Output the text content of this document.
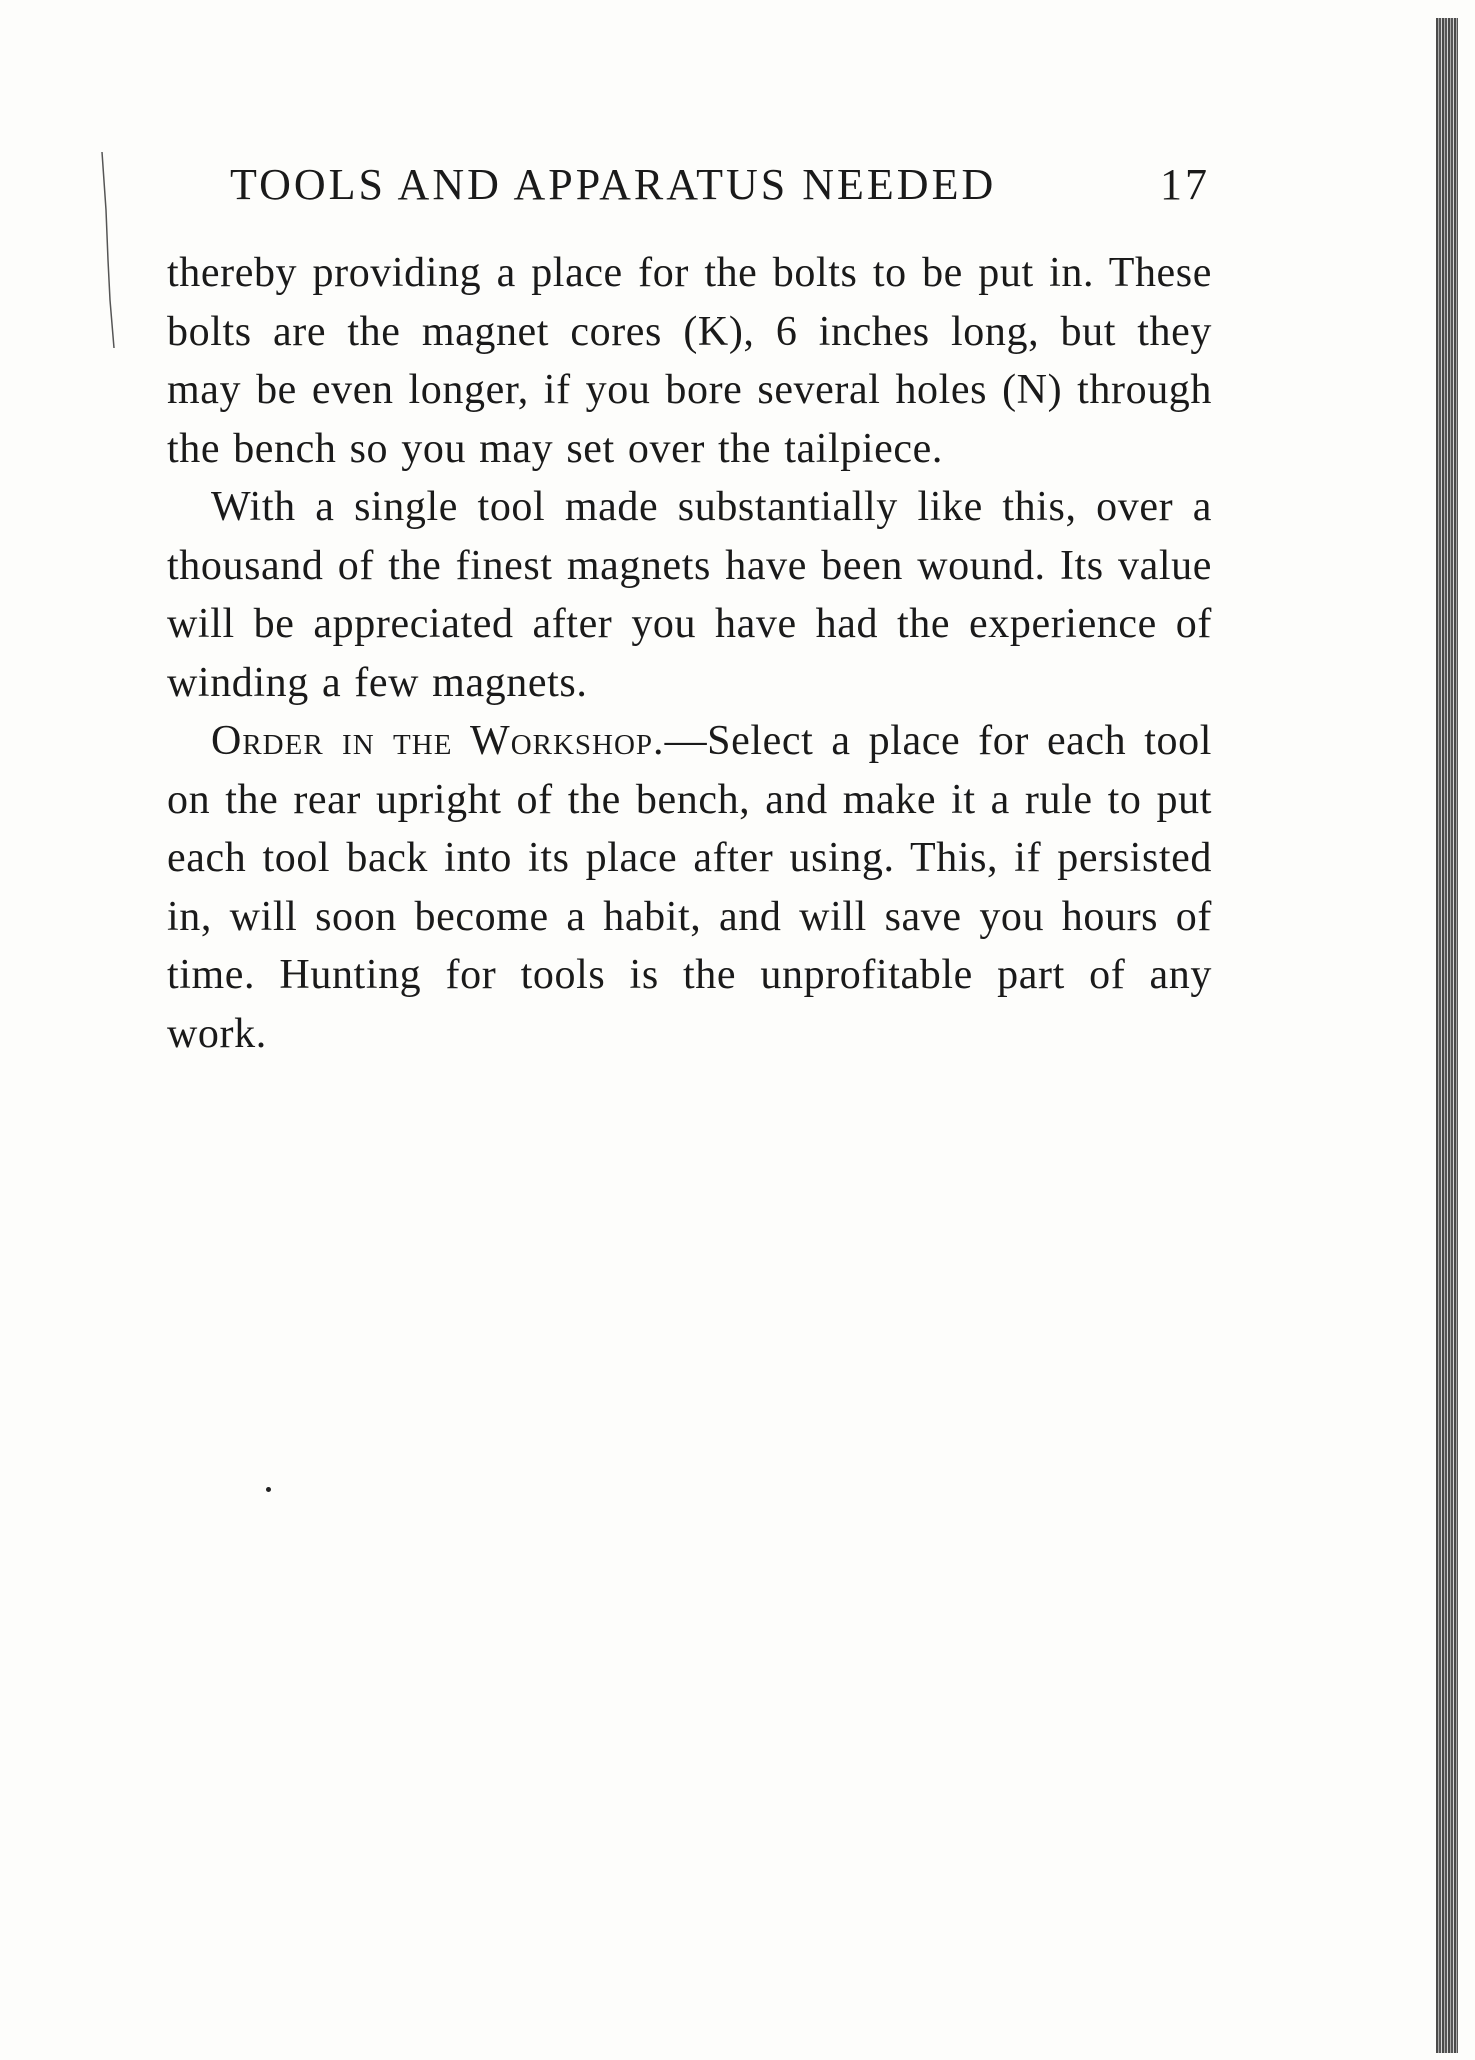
TOOLS AND APPARATUS NEEDED	17

thereby providing a place for the bolts to be put in. These bolts are the magnet cores (K), 6 inches long, but they may be even longer, if you bore several holes (N) through the bench so you may set over the tailpiece.

With a single tool made substantially like this, over a thousand of the finest magnets have been wound. Its value will be appreciated after you have had the experience of winding a few magnets.

Order in the Workshop.—Select a place for each tool on the rear upright of the bench, and make it a rule to put each tool back into its place after using. This, if persisted in, will soon become a habit, and will save you hours of time. Hunting for tools is the unprofitable part of any work.
